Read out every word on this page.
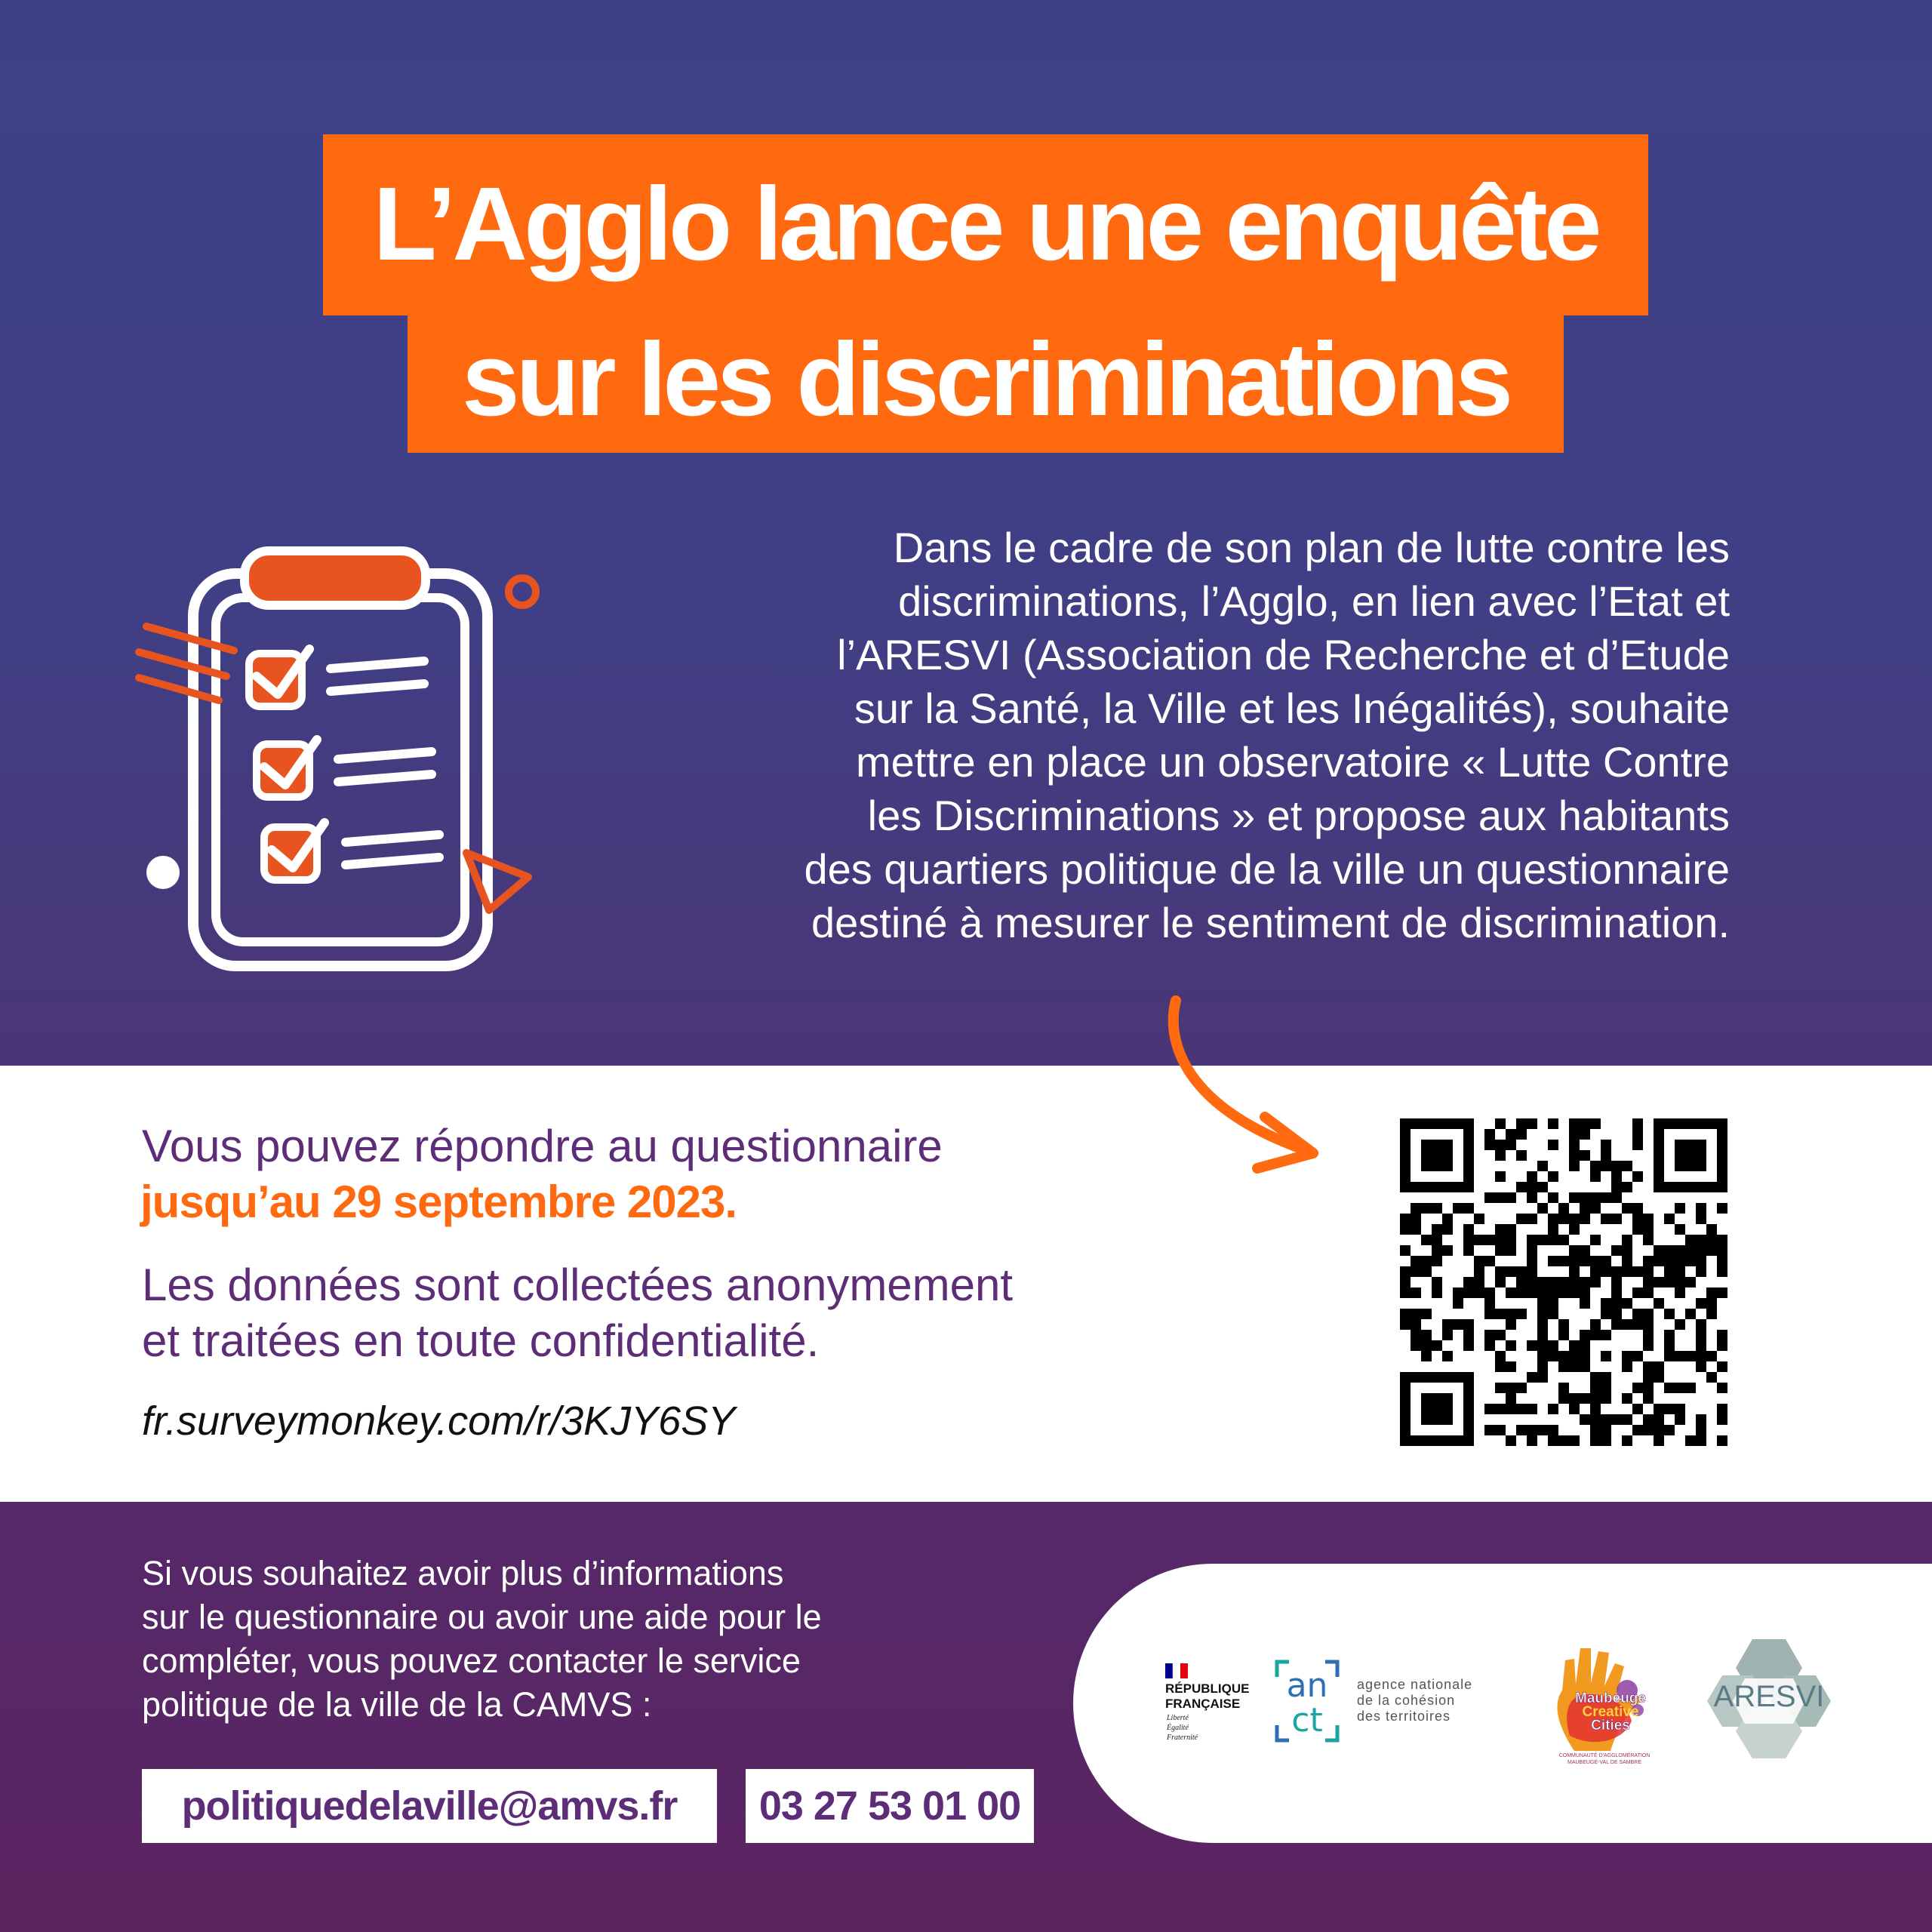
L’Agglo lance une enquête
sur les discriminations
Dans le cadre de son plan de lutte contre les
discriminations, l’Agglo, en lien avec l’Etat et
l’ARESVI (Association de Recherche et d’Etude
sur la Santé, la Ville et les Inégalités), souhaite
mettre en place un observatoire « Lutte Contre
les Discriminations » et propose aux habitants
des quartiers politique de la ville un questionnaire
destiné à mesurer le sentiment de discrimination.
Vous pouvez répondre au questionnaire
jusqu’au 29 septembre 2023.
Les données sont collectées anonymement
et traitées en toute confidentialité.
fr.surveymonkey.com/r/3KJY6SY
Si vous souhaitez avoir plus d’informations
sur le questionnaire ou avoir une aide pour le
compléter, vous pouvez contacter le service
politique de la ville de la CAMVS :
politiquedelaville@amvs.fr	03 27 53 01 00
RÉPUBLIQUE
FRANÇAISE
Liberté
Égalité
Fraternité
an
ct
agence nationale
de la cohésion
des territoires
Maubeuge
Creative
Cities
COMMUNAUTÉ D'AGGLOMÉRATION
MAUBEUGE-VAL DE SAMBRE
ARESVI
